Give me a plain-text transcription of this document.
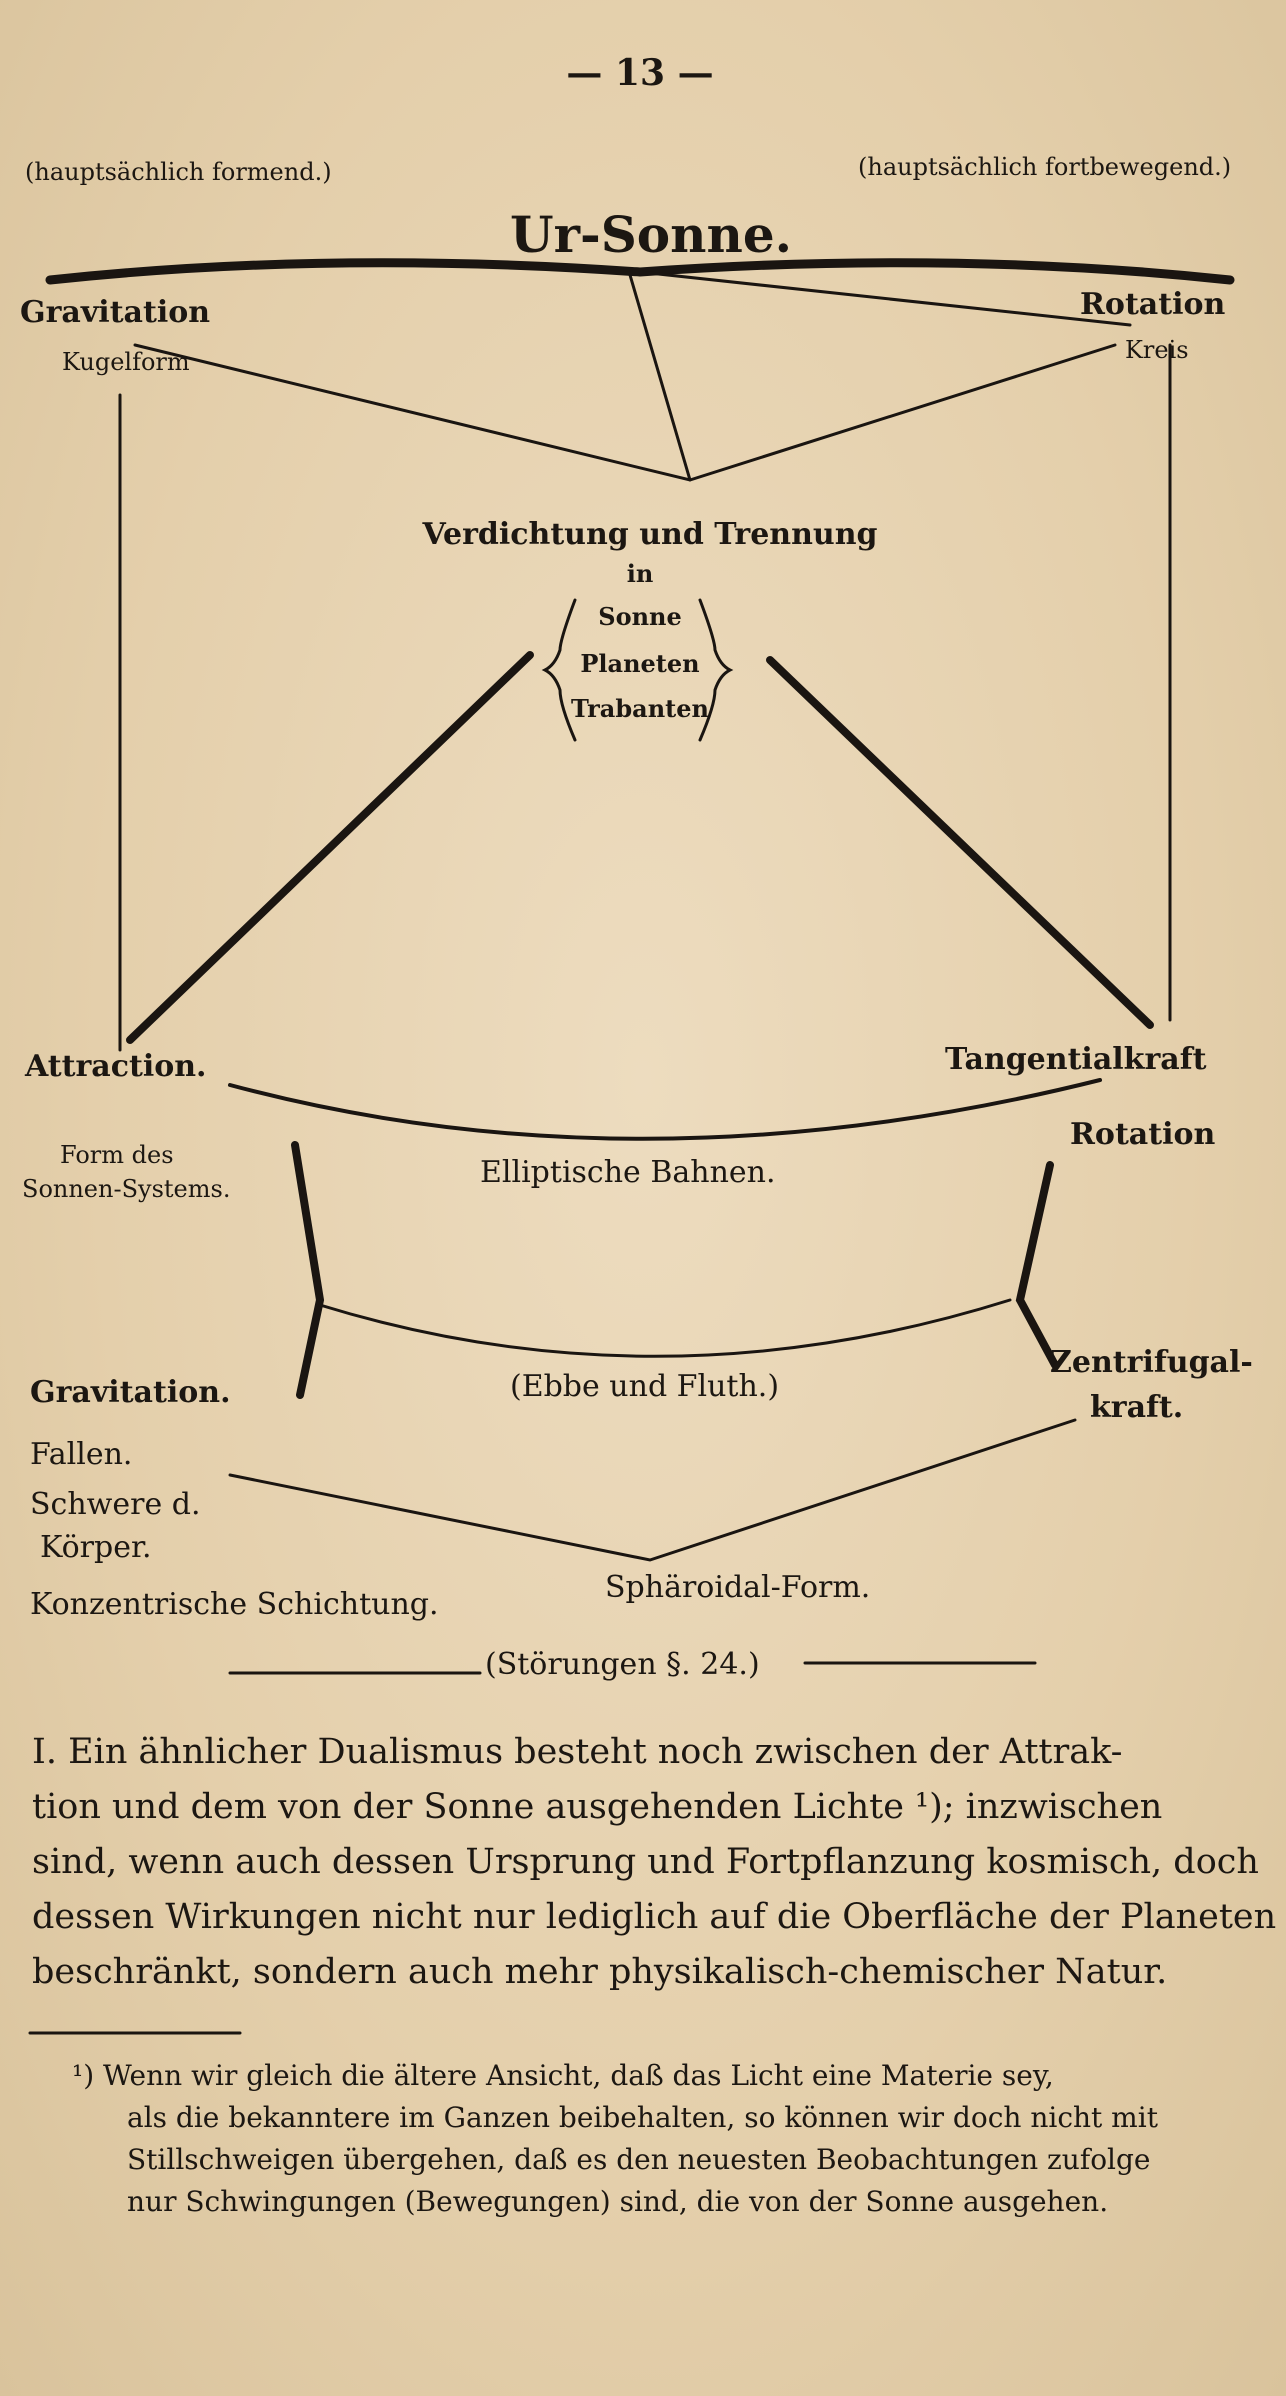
— 13 —
(hauptsächlich formend.)	(hauptsächlich fortbewegend.)
Ur-Sonne.
Gravitation
Kugelform
Rotation
Kreis
Verdichtung und Trennung
in
Sonne
Planeten
Trabanten
Attraction.	Tangentialkraft
Form des
Sonnen-Systems.	Elliptische Bahnen.
Rotation
(Ebbe und Fluth.)
Gravitation.
Zentrifugal-
kraft.
Fallen.
Schwere d.
Körper.
Konzentrische Schichtung.	Sphäroidal-Form.
(Störungen §. 24.)
I. Ein ähnlicher Dualismus besteht noch zwischen der Attrak-
tion und dem von der Sonne ausgehenden Lichte ¹); inzwischen
sind, wenn auch dessen Ursprung und Fortpflanzung kosmisch, doch
dessen Wirkungen nicht nur lediglich auf die Oberfläche der Planeten
beschränkt, sondern auch mehr physikalisch-chemischer Natur.
¹) Wenn wir gleich die ältere Ansicht, daß das Licht eine Materie sey,
als die bekanntere im Ganzen beibehalten, so können wir doch nicht mit
Stillschweigen übergehen, daß es den neuesten Beobachtungen zufolge
nur Schwingungen (Bewegungen) sind, die von der Sonne ausgehen.
